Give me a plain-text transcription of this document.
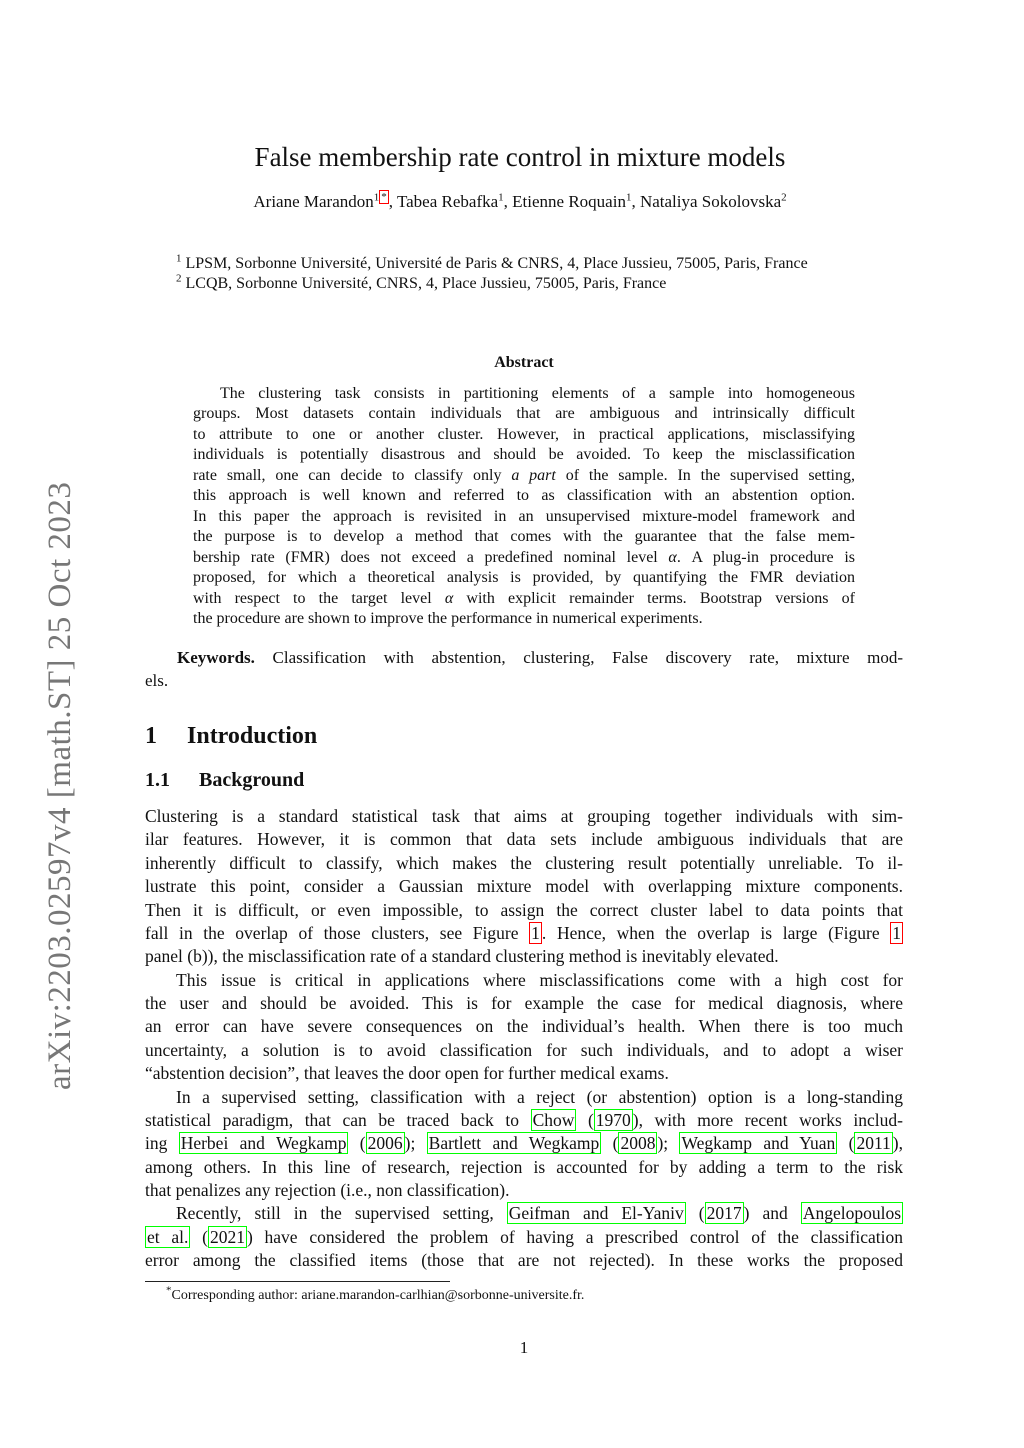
arXiv:2203.02597v4 [math.ST] 25 Oct 2023
False membership rate control in mixture models
Ariane Marandon$^1$ * , Tabea Rebafka$^1$, Etienne Roquain$^1$, Nataliya Sokolovska$^2$
$^1$ LPSM, Sorbonne Université, Université de Paris & CNRS, 4, Place Jussieu, 75005, Paris, France
$^2$ LCQB, Sorbonne Université, CNRS, 4, Place Jussieu, 75005, Paris, France
Abstract
The clustering task consists in partitioning elements of a sample into homogeneous
groups. Most datasets contain individuals that are ambiguous and intrinsically difficult
to attribute to one or another cluster. However, in practical applications, misclassifying
individuals is potentially disastrous and should be avoided. To keep the misclassification
rate small, one can decide to classify only a part of the sample. In the supervised setting,
this approach is well known and referred to as classification with an abstention option.
In this paper the approach is revisited in an unsupervised mixture-model framework and
the purpose is to develop a method that comes with the guarantee that the false mem-
bership rate (FMR) does not exceed a predefined nominal level α. A plug-in procedure is
proposed, for which a theoretical analysis is provided, by quantifying the FMR deviation
with respect to the target level α with explicit remainder terms. Bootstrap versions of
the procedure are shown to improve the performance in numerical experiments.
Keywords. Classification with abstention, clustering, False discovery rate, mixture mod-
els.
1 Introduction
1.1 Background
Clustering is a standard statistical task that aims at grouping together individuals with sim-
ilar features. However, it is common that data sets include ambiguous individuals that are
inherently difficult to classify, which makes the clustering result potentially unreliable. To il-
lustrate this point, consider a Gaussian mixture model with overlapping mixture components.
Then it is difficult, or even impossible, to assign the correct cluster label to data points that
fall in the overlap of those clusters, see Figure 1 . Hence, when the overlap is large (Figure 1
panel (b)), the misclassification rate of a standard clustering method is inevitably elevated.
This issue is critical in applications where misclassifications come with a high cost for
the user and should be avoided. This is for example the case for medical diagnosis, where
an error can have severe consequences on the individual’s health. When there is too much
uncertainty, a solution is to avoid classification for such individuals, and to adopt a wiser
“abstention decision”, that leaves the door open for further medical exams.
In a supervised setting, classification with a reject (or abstention) option is a long-standing
statistical paradigm, that can be traced back to Chow ( 1970 ), with more recent works includ-
ing Herbei and Wegkamp ( 2006 ); Bartlett and Wegkamp ( 2008 ); Wegkamp and Yuan ( 2011 ),
among others. In this line of research, rejection is accounted for by adding a term to the risk
that penalizes any rejection (i.e., non classification).
Recently, still in the supervised setting, Geifman and El-Yaniv ( 2017 ) and Angelopoulos
et al. ( 2021 ) have considered the problem of having a prescribed control of the classification
error among the classified items (those that are not rejected). In these works the proposed
*Corresponding author: ariane.marandon-carlhian@sorbonne-universite.fr.
1
